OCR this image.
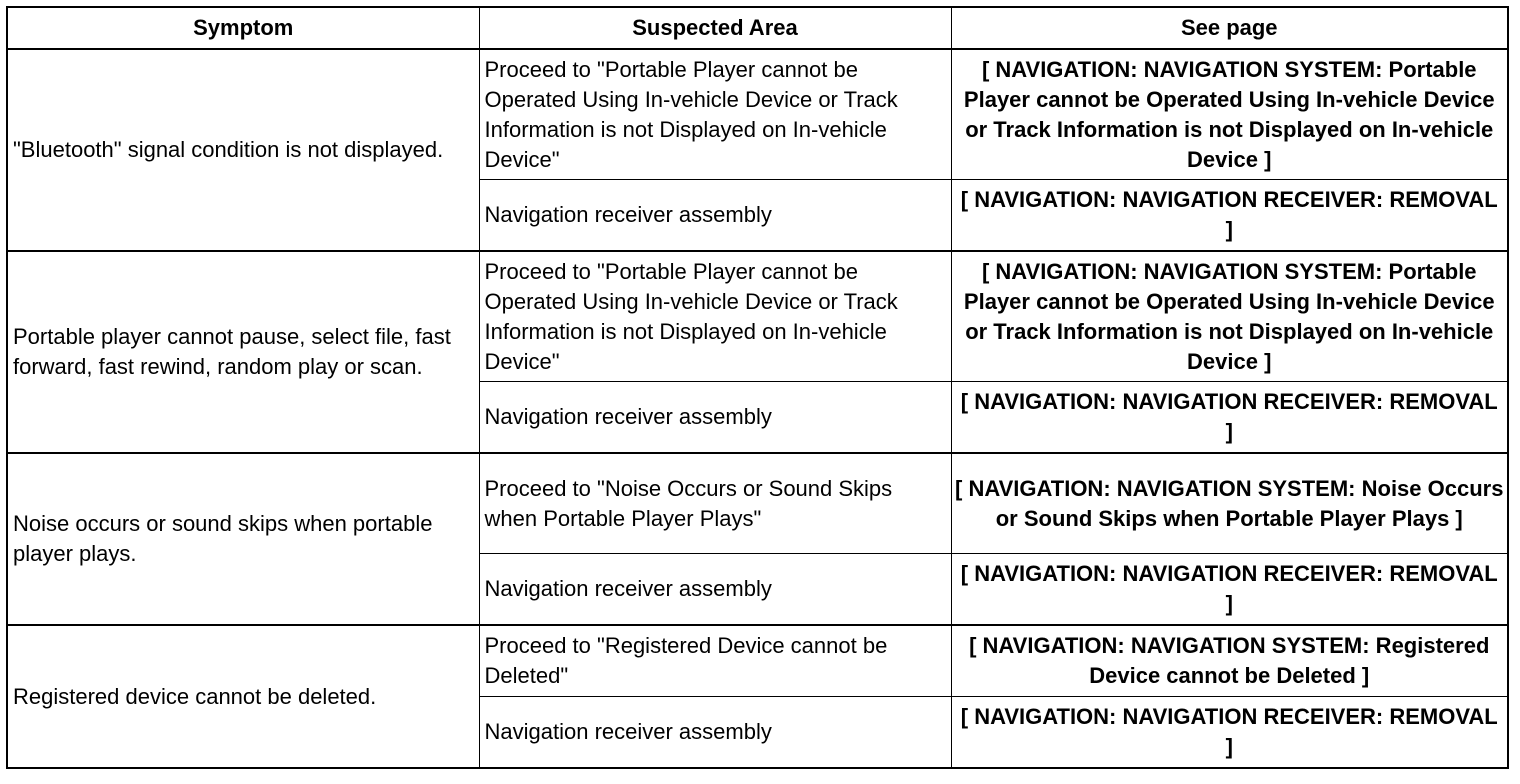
Symptom	Suspected Area	See page
"Bluetooth" signal condition is not displayed.	Proceed to "Portable Player cannot be Operated Using In-vehicle Device or Track Information is not Displayed on In-vehicle Device"	[ NAVIGATION: NAVIGATION SYSTEM: Portable Player cannot be Operated Using In-vehicle Device or Track Information is not Displayed on In-vehicle Device ]
	Navigation receiver assembly	[ NAVIGATION: NAVIGATION RECEIVER: REMOVAL ]
Portable player cannot pause, select file, fast forward, fast rewind, random play or scan.	Proceed to "Portable Player cannot be Operated Using In-vehicle Device or Track Information is not Displayed on In-vehicle Device"	[ NAVIGATION: NAVIGATION SYSTEM: Portable Player cannot be Operated Using In-vehicle Device or Track Information is not Displayed on In-vehicle Device ]
	Navigation receiver assembly	[ NAVIGATION: NAVIGATION RECEIVER: REMOVAL ]
Noise occurs or sound skips when portable player plays.	Proceed to "Noise Occurs or Sound Skips when Portable Player Plays"	[ NAVIGATION: NAVIGATION SYSTEM: Noise Occurs or Sound Skips when Portable Player Plays ]
	Navigation receiver assembly	[ NAVIGATION: NAVIGATION RECEIVER: REMOVAL ]
Registered device cannot be deleted.	Proceed to "Registered Device cannot be Deleted"	[ NAVIGATION: NAVIGATION SYSTEM: Registered Device cannot be Deleted ]
	Navigation receiver assembly	[ NAVIGATION: NAVIGATION RECEIVER: REMOVAL ]
